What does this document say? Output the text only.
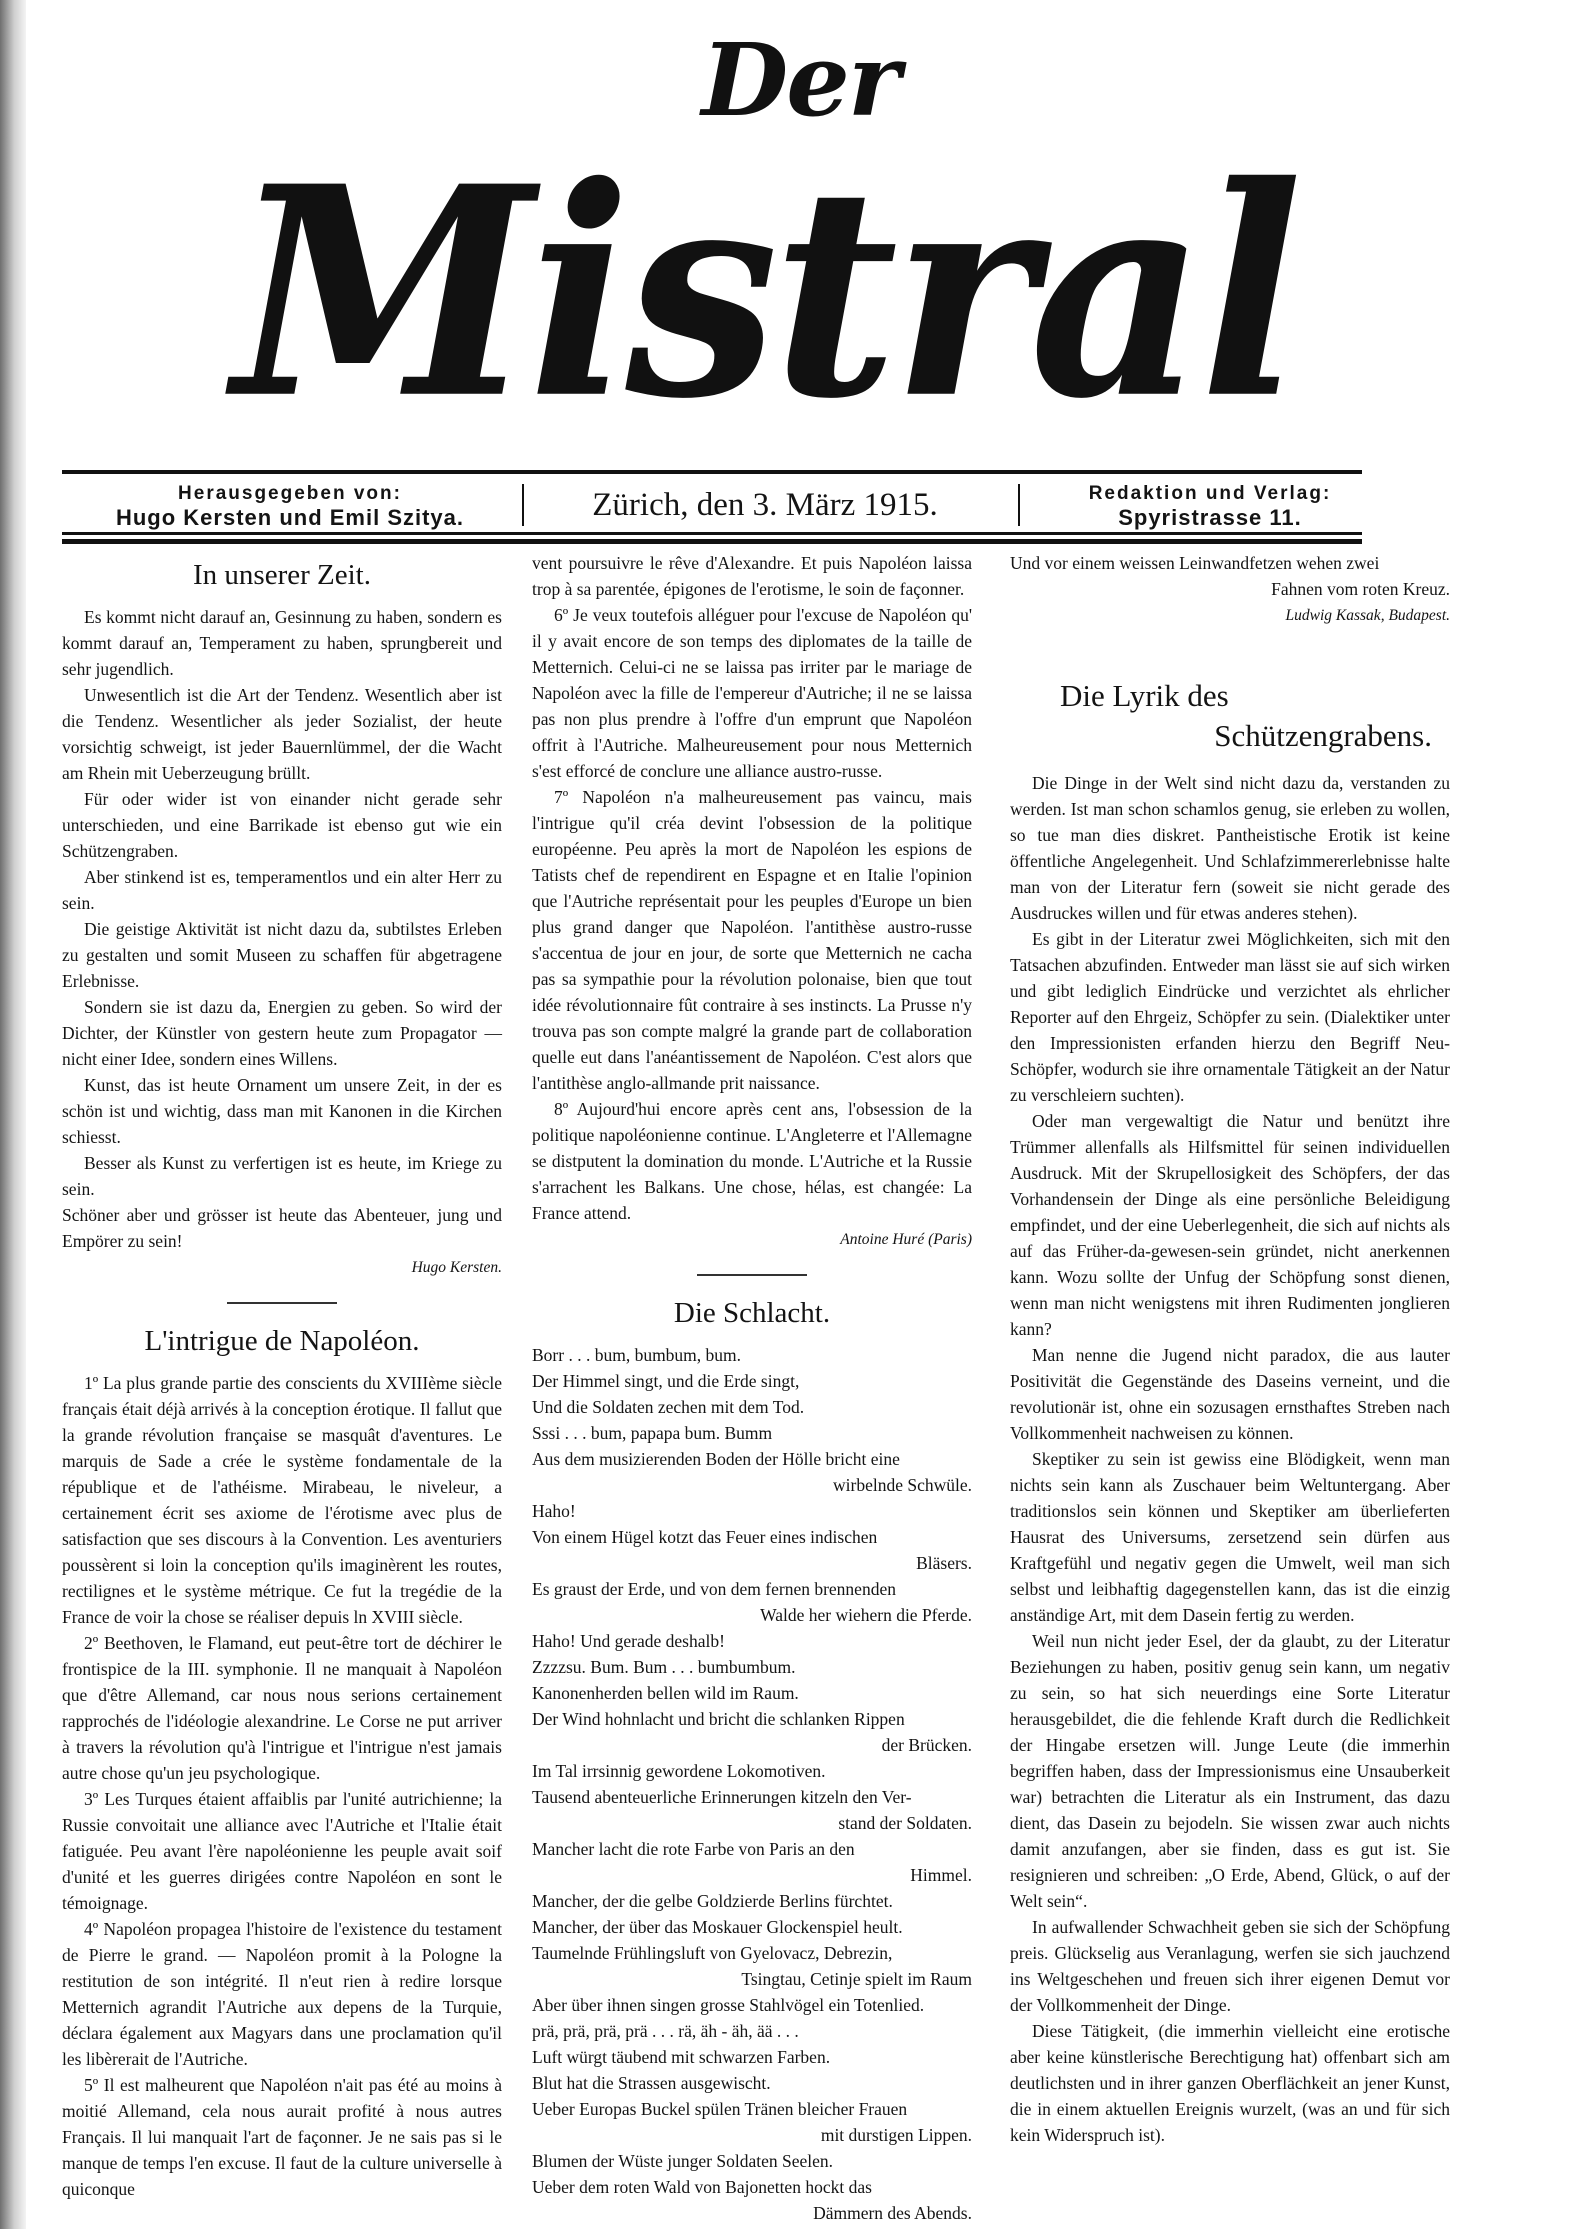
Der
Mistral
Herausgegeben von:
Hugo Kersten und Emil Szitya.	Zürich, den 3. März 1915.	Redaktion und Verlag:
Spyristrasse 11.
In unserer Zeit.

Es kommt nicht darauf an, Gesinnung zu haben, sondern es kommt darauf an, Temperament zu haben, sprungbereit und sehr jugendlich.

Unwesentlich ist die Art der Tendenz. Wesentlich aber ist die Tendenz. Wesentlicher als jeder Sozialist, der heute vorsichtig schweigt, ist jeder Bauernlümmel, der die Wacht am Rhein mit Ueberzeugung brüllt.

Für oder wider ist von einander nicht gerade sehr unterschieden, und eine Barrikade ist ebenso gut wie ein Schützengraben.

Aber stinkend ist es, temperamentlos und ein alter Herr zu sein.

Die geistige Aktivität ist nicht dazu da, subtilstes Erleben zu gestalten und somit Museen zu schaffen für abgetragene Erlebnisse.

Sondern sie ist dazu da, Energien zu geben. So wird der Dichter, der Künstler von gestern heute zum Propagator — nicht einer Idee, sondern eines Willens.

Kunst, das ist heute Ornament um unsere Zeit, in der es schön ist und wichtig, dass man mit Kanonen in die Kirchen schiesst.

Besser als Kunst zu verfertigen ist es heute, im Kriege zu sein.

Schöner aber und grösser ist heute das Abenteuer, jung und Empörer zu sein!

Hugo Kersten.
L'intrigue de Napoléon.

1º La plus grande partie des conscients du XVIIIème siècle français était déjà arrivés à la conception érotique. Il fallut que la grande révolution française se masquât d'aventures. Le marquis de Sade a crée le système fondamentale de la république et de l'athéisme. Mirabeau, le niveleur, a certainement écrit ses axiome de l'érotisme avec plus de satisfaction que ses discours à la Convention. Les aventuriers poussèrent si loin la conception qu'ils imaginèrent les routes, rectilignes et le système métrique. Ce fut la tregédie de la France de voir la chose se réaliser depuis ln XVIII siècle.

2º Beethoven, le Flamand, eut peut-être tort de déchirer le frontispice de la III. symphonie. Il ne manquait à Napoléon que d'être Allemand, car nous nous serions certainement rapprochés de l'idéologie alexandrine. Le Corse ne put arriver à travers la révolution qu'à l'intrigue et l'intrigue n'est jamais autre chose qu'un jeu psychologique.

3º Les Turques étaient affaiblis par l'unité autrichienne; la Russie convoitait une alliance avec l'Autriche et l'Italie était fatiguée. Peu avant l'ère napoléonienne les peuple avait soif d'unité et les guerres dirigées contre Napoléon en sont le témoignage.

4º Napoléon propagea l'histoire de l'existence du testament de Pierre le grand. — Napoléon promit à la Pologne la restitution de son intégrité. Il n'eut rien à redire lorsque Metternich agrandit l'Autriche aux depens de la Turquie, déclara également aux Magyars dans une proclamation qu'il les libèrerait de l'Autriche.

5º Il est malheurent que Napoléon n'ait pas été au moins à moitié Allemand, cela nous aurait profité à nous autres Français. Il lui manquait l'art de façonner. Je ne sais pas si le manque de temps l'en excuse. Il faut de la culture universelle à quiconque

vent poursuivre le rêve d'Alexandre. Et puis Napoléon laissa trop à sa parentée, épigones de l'erotisme, le soin de façonner.

6º Je veux toutefois alléguer pour l'excuse de Napoléon qu' il y avait encore de son temps des diplomates de la taille de Metternich. Celui-ci ne se laissa pas irriter par le mariage de Napoléon avec la fille de l'empereur d'Autriche; il ne se laissa pas non plus prendre à l'offre d'un emprunt que Napoléon offrit à l'Autriche. Malheureusement pour nous Metternich s'est efforcé de conclure une alliance austro-russe.

7º Napoléon n'a malheureusement pas vaincu, mais l'intrigue qu'il créa devint l'obsession de la politique européenne. Peu après la mort de Napoléon les espions de Tatists chef de rependirent en Espagne et en Italie l'opinion que l'Autriche représentait pour les peuples d'Europe un bien plus grand danger que Napoléon. l'antithèse austro-russe s'accentua de jour en jour, de sorte que Metternich ne cacha pas sa sympathie pour la révolution polonaise, bien que tout idée révolutionnaire fût contraire à ses instincts. La Prusse n'y trouva pas son compte malgré la grande part de collaboration quelle eut dans l'anéantissement de Napoléon. C'est alors que l'antithèse anglo-allmande prit naissance.

8º Aujourd'hui encore après cent ans, l'obsession de la politique napoléonienne continue. L'Angleterre et l'Allemagne se distputent la domination du monde. L'Autriche et la Russie s'arrachent les Balkans. Une chose, hélas, est changée: La France attend.

Antoine Huré (Paris)
Die Schlacht.
Borr . . . bum, bumbum, bum.
Der Himmel singt, und die Erde singt,
Und die Soldaten zechen mit dem Tod.
Sssi . . . bum, papapa bum. Bumm
Aus dem musizierenden Boden der Hölle bricht eine
wirbelnde Schwüle.
Haho!
Von einem Hügel kotzt das Feuer eines indischen
Bläsers.
Es graust der Erde, und von dem fernen brennenden
Walde her wiehern die Pferde.
Haho! Und gerade deshalb!
Zzzzsu. Bum. Bum . . . bumbumbum.
Kanonenherden bellen wild im Raum.
Der Wind hohnlacht und bricht die schlanken Rippen
der Brücken.
Im Tal irrsinnig gewordene Lokomotiven.
Tausend abenteuerliche Erinnerungen kitzeln den Ver-
stand der Soldaten.
Mancher lacht die rote Farbe von Paris an den
Himmel.
Mancher, der die gelbe Goldzierde Berlins fürchtet.
Mancher, der über das Moskauer Glockenspiel heult.
Taumelnde Frühlingsluft von Gyelovacz, Debrezin,
Tsingtau, Cetinje spielt im Raum
Aber über ihnen singen grosse Stahlvögel ein Totenlied.
prä, prä, prä, prä . . . rä, äh - äh, ää . . .
Luft würgt täubend mit schwarzen Farben.
Blut hat die Strassen ausgewischt.
Ueber Europas Buckel spülen Tränen bleicher Frauen
mit durstigen Lippen.
Blumen der Wüste junger Soldaten Seelen.
Ueber dem roten Wald von Bajonetten hockt das
Dämmern des Abends.
Und vor einem weissen Leinwandfetzen wehen zwei
Fahnen vom roten Kreuz.
Ludwig Kassak, Budapest.
Die Lyrik des
Schützengrabens.

Die Dinge in der Welt sind nicht dazu da, verstanden zu werden. Ist man schon schamlos genug, sie erleben zu wollen, so tue man dies diskret. Pantheistische Erotik ist keine öffentliche Angelegenheit. Und Schlafzimmererlebnisse halte man von der Literatur fern (soweit sie nicht gerade des Ausdruckes willen und für etwas anderes stehen).

Es gibt in der Literatur zwei Möglichkeiten, sich mit den Tatsachen abzufinden. Entweder man lässt sie auf sich wirken und gibt lediglich Eindrücke und verzichtet als ehrlicher Reporter auf den Ehrgeiz, Schöpfer zu sein. (Dialektiker unter den Impressionisten erfanden hierzu den Begriff Neu-Schöpfer, wodurch sie ihre ornamentale Tätigkeit an der Natur zu verschleiern suchten).

Oder man vergewaltigt die Natur und benützt ihre Trümmer allenfalls als Hilfsmittel für seinen individuellen Ausdruck. Mit der Skrupellosigkeit des Schöpfers, der das Vorhandensein der Dinge als eine persönliche Beleidigung empfindet, und der eine Ueberlegenheit, die sich auf nichts als auf das Früher-da-gewesen-sein gründet, nicht anerkennen kann. Wozu sollte der Unfug der Schöpfung sonst dienen, wenn man nicht wenigstens mit ihren Rudimenten jonglieren kann?

Man nenne die Jugend nicht paradox, die aus lauter Positivität die Gegenstände des Daseins verneint, und die revolutionär ist, ohne ein sozusagen ernsthaftes Streben nach Vollkommenheit nachweisen zu können.

Skeptiker zu sein ist gewiss eine Blödigkeit, wenn man nichts sein kann als Zuschauer beim Weltuntergang. Aber traditionslos sein können und Skeptiker am überlieferten Hausrat des Universums, zersetzend sein dürfen aus Kraftgefühl und negativ gegen die Umwelt, weil man sich selbst und leibhaftig dagegenstellen kann, das ist die einzig anständige Art, mit dem Dasein fertig zu werden.

Weil nun nicht jeder Esel, der da glaubt, zu der Literatur Beziehungen zu haben, positiv genug sein kann, um negativ zu sein, so hat sich neuerdings eine Sorte Literatur herausgebildet, die die fehlende Kraft durch die Redlichkeit der Hingabe ersetzen will. Junge Leute (die immerhin begriffen haben, dass der Impressionismus eine Unsauberkeit war) betrachten die Literatur als ein Instrument, das dazu dient, das Dasein zu bejodeln. Sie wissen zwar auch nichts damit anzufangen, aber sie finden, dass es gut ist. Sie resignieren und schreiben: „O Erde, Abend, Glück, o auf der Welt sein“.

In aufwallender Schwachheit geben sie sich der Schöpfung preis. Glückselig aus Veranlagung, werfen sie sich jauchzend ins Weltgeschehen und freuen sich ihrer eigenen Demut vor der Vollkommenheit der Dinge.

Diese Tätigkeit, (die immerhin vielleicht eine erotische aber keine künstlerische Berechtigung hat) offenbart sich am deutlichsten und in ihrer ganzen Oberflächkeit an jener Kunst, die in einem aktuellen Ereignis wurzelt, (was an und für sich kein Widerspruch ist).
